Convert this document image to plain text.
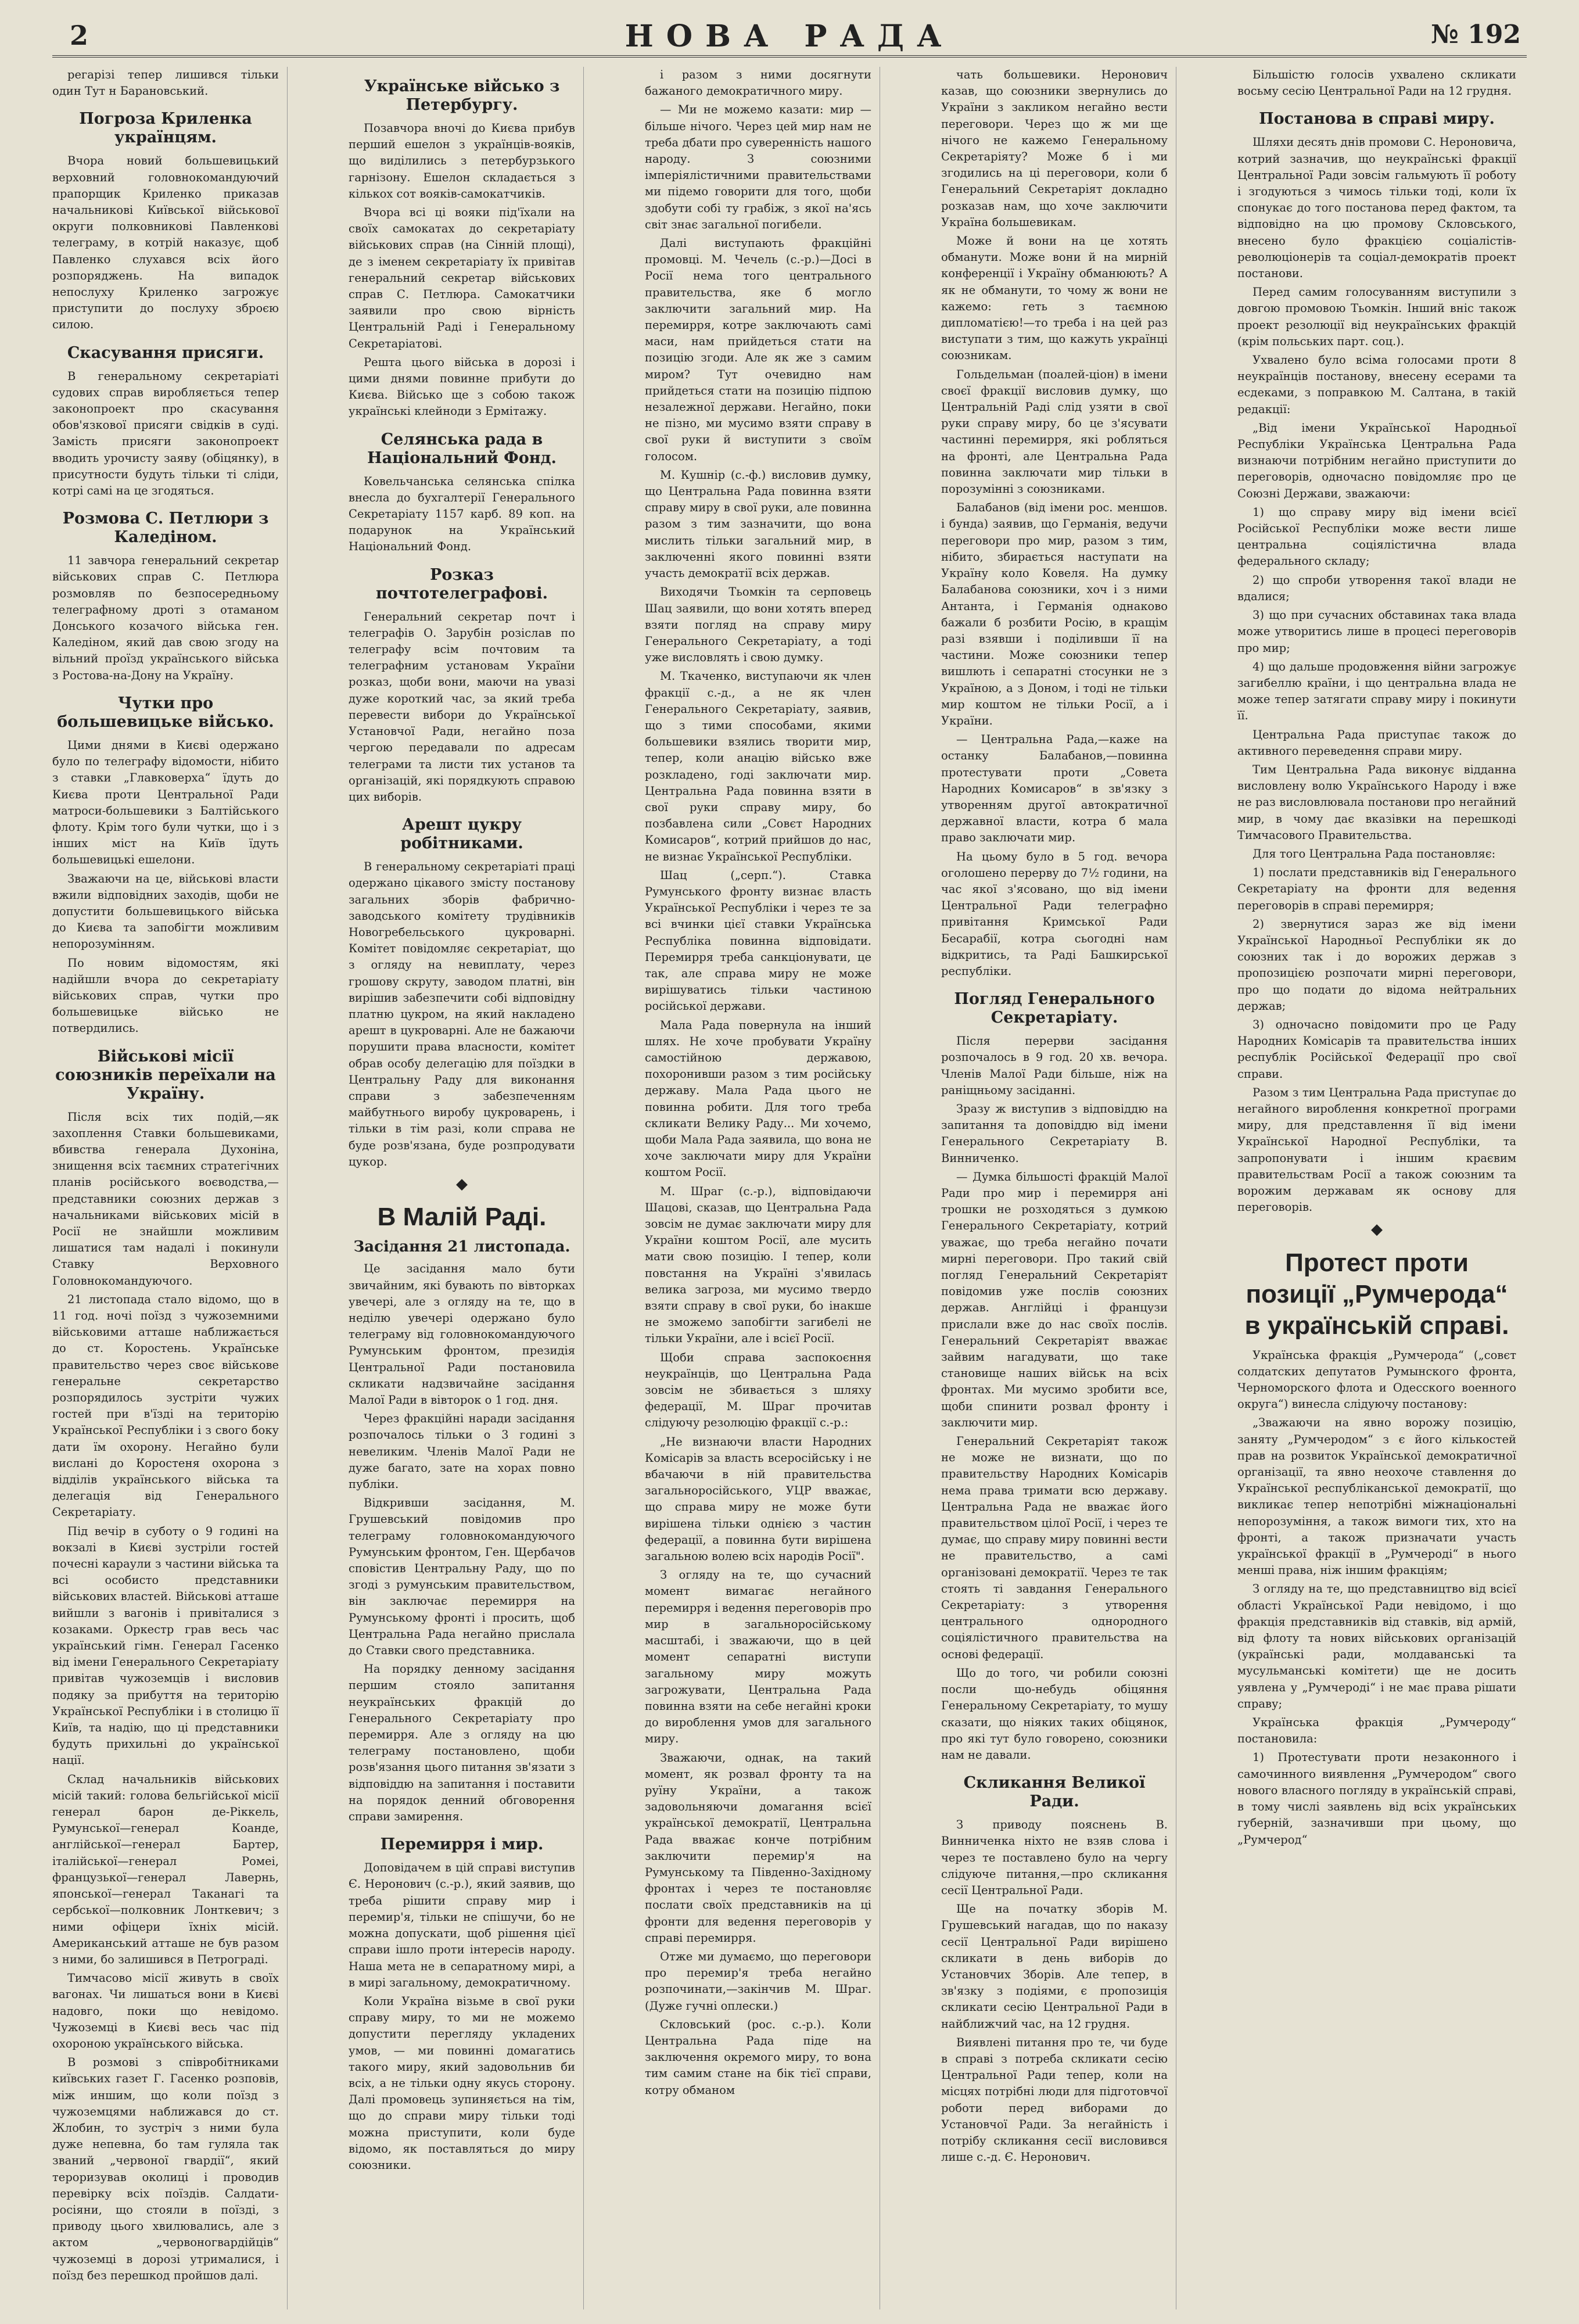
2	НОВА РАДА	№ 192

регарізі тепер лишився тільки один Тут н Барановський.

Погроза Криленка українцям.

Вчора новий большевицький верховний головнокомандуючий прапорщик Криленко приказав начальникові Київської військової округи полковникові Павленкові телеграму, в котрій наказує, щоб Павленко слухався всіх його розпоряджень. На випадок непослуху Криленко загрожує приступити до послуху зброєю силою.

Скасування присяги.

В генеральному секретаріаті судових справ виробляється тепер законопроект про скасування обов'язкової присяги свідків в суді. Замість присяги законопроект вводить урочисту заяву (обіцянку), в присутности будуть тільки ті сліди, котрі самі на це згодяться.

Розмова С. Петлюри з Каледіном.

11 завчора генеральний секретар військових справ С. Петлюра розмовляв по безпосередньому телеграфному дроті з отаманом Донського козачого війська ген. Каледіном, який дав свою згоду на вільний проїзд українського війська з Ростова-на-Дону на Україну.

Чутки про большевицьке військо.

Цими днями в Києві одержано було по телеграфу відомости, нібито з ставки „Главковерха“ їдуть до Києва проти Центральної Ради матроси-большевики з Балтійського флоту. Крім того були чутки, що і з інших міст на Київ їдуть большевицькі ешелони.

Зважаючи на це, військові власти вжили відповідних заходів, щоби не допустити большевицького війська до Києва та запобігти можливим непорозумінням.

По новим відомостям, які надійшли вчора до секретаріату військових справ, чутки про большевицьке військо не потвердились.

Військові місії союзників переїхали на Україну.

Після всіх тих подій,—як захоплення Ставки большевиками, вбивства генерала Духоніна, знищення всіх таємних стратегічних планів російського воєводства,—представники союзних держав з начальниками військових місій в Росії не знайшли можливим лишатися там надалі і покинули Ставку Верховного Головнокомандуючого.

21 листопада стало відомо, що в 11 год. ночі поїзд з чужоземними військовими атташе наближається до ст. Коростень. Українське правительство через своє військове генеральне секретарство розпорядилось зустріти чужих гостей при в'їзді на територію Української Республіки і з свого боку дати їм охорону. Негайно були вислані до Коростеня охорона з відділів українського війська та делегація від Генерального Секретаріату.

Під вечір в суботу о 9 годині на вокзалі в Києві зустріли гостей почесні караули з частини війська та всі особисто представники військових властей. Військові атташе вийшли з вагонів і привіталися з козаками. Оркестр грав весь час український гімн. Генерал Гасенко від імени Генерального Секретаріату привітав чужоземців і висловив подяку за прибуття на територію Української Республіки і в столицю її Київ, та надію, що ці представники будуть прихильні до української нації.

Склад начальників військових місій такий: голова бельгійської місії генерал барон де-Ріккель, Румунської—генерал Коанде, англійської—генерал Бартер, італійської—генерал Ромеі, французької—генерал Лавернь, японської—генерал Таканагі та сербської—полковник Лонткевич; з ними офіцери їхніх місій. Американський атташе не був разом з ними, бо залишився в Петрограді.

Тимчасово місії живуть в своїх вагонах. Чи лишаться вони в Києві надовго, поки що невідомо. Чужоземці в Києві весь час під охороною українського війська.

В розмові з співробітниками київських газет Г. Гасенко розповів, між иншим, що коли поїзд з чужоземцями наближався до ст. Жлобин, то зустріч з ними була дуже непевна, бо там гуляла так званий „червоної гвардії“, який тероризував околиці і проводив перевірку всіх поїздів. Салдати-росіяни, що стояли в поїзді, з приводу цього хвилювались, але з актом „червоногвардійців“ чужоземці в дорозі утрималися, і поїзд без перешкод пройшов далі.

Українське військо з Петербургу.

Позавчора вночі до Києва прибув перший ешелон з українців-вояків, що виділились з петербурзького гарнізону. Ешелон складається з кількох сот вояків-самокатчиків.

Вчора всі ці вояки під'їхали на своїх самокатах до секретаріату військових справ (на Сінній площі), де з іменем секретаріату їх привітав генеральний секретар військових справ С. Петлюра. Самокатчики заявили про свою вірність Центральній Раді і Генеральному Секретаріатові.

Решта цього війська в дорозі і цими днями повинне прибути до Києва. Військо ще з собою також українські клейноди з Ермітажу.

Селянська рада в Національний Фонд.

Ковельчанська селянська спілка внесла до бухгалтерії Генерального Секретаріату 1157 карб. 89 коп. на подарунок на Український Національний Фонд.

Розказ почтотелеграфові.

Генеральний секретар почт і телеграфів О. Зарубін розіслав по телеграфу всім почтовим та телеграфним установам України розказ, щоби вони, маючи на увазі дуже короткий час, за який треба перевести вибори до Української Установчої Ради, негайно поза чергою передавали по адресам телеграми та листи тих установ та організацій, які порядкують справою цих виборів.

Арешт цукру робітниками.

В генеральному секретаріаті праці одержано цікавого змісту постанову загальних зборів фабрично-заводського комітету трудівників Новогребельського цукроварні. Комітет повідомляє секретаріат, що з огляду на невиплату, через грошову скруту, заводом платні, він вирішив забезпечити собі відповідну платню цукром, на який накладено арешт в цукроварні. Але не бажаючи порушити права власности, комітет обрав особу делегацію для поїздки в Центральну Раду для виконання справи з забезпеченням майбутнього виробу цукроварень, і тільки в тім разі, коли справа не буде розв'язана, буде розпродувати цукор.

◆
В Малій Раді.
Засідання 21 листопада.

Це засідання мало бути звичайним, які бувають по вівторках увечері, але з огляду на те, що в неділю увечері одержано було телеграму від головнокомандуючого Румунським фронтом, президія Центральної Ради постановила скликати надзвичайне засідання Малої Ради в вівторок о 1 год. дня.

Через фракційні наради засідання розпочалось тільки о 3 годині з невеликим. Членів Малої Ради не дуже багато, зате на хорах повно публіки.

Відкривши засідання, М. Грушевський повідомив про телеграму головнокомандуючого Румунським фронтом, Ген. Щербачов сповістив Центральну Раду, що по згоді з румунським правительством, він заключає перемирря на Румунському фронті і просить, щоб Центральна Рада негайно прислала до Ставки свого представника.

На порядку денному засідання першим стояло запитання неукраїнських фракцій до Генерального Секретаріату про перемирря. Але з огляду на цю телеграму постановлено, щоби розв'язання цього питання зв'язати з відповіддю на запитання і поставити на порядок денний обговорення справи замирення.

Перемирря і мир.

Доповідачем в цій справі виступив Є. Неронович (с.-р.), який заявив, що треба рішити справу мир і перемир'я, тільки не спішучи, бо не можна допускати, щоб рішення цієї справи ішло проти інтересів народу. Наша мета не в сепаратному мирі, а в мирі загальному, демократичному.

Коли Україна візьме в свої руки справу миру, то ми не можемо допустити перегляду укладених умов, — ми повинні домагатись такого миру, який задовольнив би всіх, а не тільки одну якусь сторону. Далі промовець зупиняється на тім, що до справи миру тільки тоді можна приступити, коли буде відомо, як поставляться до миру союзники.

і разом з ними досягнути бажаного демократичного миру.

— Ми не можемо казати: мир — більше нічого. Через цей мир нам не треба дбати про суверенність нашого народу. З союзними імперіялістичними правительствами ми підемо говорити для того, щоби здобути собі ту грабіж, з якої на'ясь світ знає загальної погибели.

Далі виступають фракційні промовці. М. Чечель (с.-р.)—Досі в Росії нема того центрального правительства, яке б могло заключити загальний мир. На перемирря, котре заключають самі маси, нам прийдеться стати на позицію згоди. Але як же з самим миром? Тут очевидно нам прийдеться стати на позицію підпою незалежної держави. Негайно, поки не пізно, ми мусимо взяти справу в свої руки й виступити з своїм голосом.

М. Кушнір (с.-ф.) висловив думку, що Центральна Рада повинна взяти справу миру в свої руки, але повинна разом з тим зазначити, що вона мислить тільки загальний мир, в заключенні якого повинні взяти участь демократії всіх держав.

Виходячи Тьомкін та серповець Шац заявили, що вони хотять вперед взяти погляд на справу миру Генерального Секретаріату, а тоді уже висловлять і свою думку.

М. Ткаченко, виступаючи як член фракції с.-д., а не як член Генерального Секретаріату, заявив, що з тими способами, якими большевики взялись творити мир, тепер, коли анацію військо вже розкладено, годі заключати мир. Центральна Рада повинна взяти в свої руки справу миру, бо позбавлена сили „Совєт Народних Комисаров“, котрий прийшов до нас, не визнає Української Республіки.

Шац („серп.“). Ставка Румунського фронту визнає власть Української Республіки і через те за всі вчинки цієї ставки Українська Республіка повинна відповідати. Перемирря треба санкціонувати, це так, але справа миру не може вирішуватись тільки частиною російської держави.

Мала Рада повернула на інший шлях. Не хоче пробувати Україну самостійною державою, похоронивши разом з тим російську державу. Мала Рада цього не повинна робити. Для того треба скликати Велику Раду... Ми хочемо, щоби Мала Рада заявила, що вона не хоче заключати миру для України коштом Росії.

М. Шраг (с.-р.), відповідаючи Шацові, сказав, що Центральна Рада зовсім не думає заключати миру для України коштом Росії, але мусить мати свою позицію. І тепер, коли повстання на Україні з'явилась велика загроза, ми мусимо твердо взяти справу в свої руки, бо інакше не зможемо запобігти загибелі не тільки України, але і всієї Росії.

Щоби справа заспокоєння неукраїнців, що Центральна Рада зовсім не збивається з шляху федерації, М. Шраг прочитав слідуючу резолюцію фракції с.-р.:

„Не визнаючи власти Народних Комісарів за власть всеросійську і не вбачаючи в ній правительства загальноросійського, УЦР вважає, що справа миру не може бути вирішена тільки однією з частин федерації, а повинна бути вирішена загальною волею всіх народів Росії".

З огляду на те, що сучасний момент вимагає негайного перемирря і ведення переговорів про мир в загальноросійському масштабі, і зважаючи, що в цей момент сепаратні виступи загальному миру можуть загрожувати, Центральна Рада повинна взяти на себе негайні кроки до вироблення умов для загального миру.

Зважаючи, однак, на такий момент, як розвал фронту та на руїну України, а також задовольняючи домагання всієї української демократії, Центральна Рада вважає конче потрібним заключити перемир'я на Румунському та Південно-Західному фронтах і через те постановляє послати своїх представників на ці фронти для ведення переговорів у справі перемирря.

Отже ми думаємо, що переговори про перемир'я треба негайно розпочинати,—закінчив М. Шраг. (Дуже гучні оплески.)

Скловський (рос. с.-р.). Коли Центральна Рада піде на заключення окремого миру, то вона тим самим стане на бік тієї справи, котру обманом

чать большевики. Неронович казав, що союзники звернулись до України з закликом негайно вести переговори. Через що ж ми ще нічого не кажемо Генеральному Секретаріяту? Може б і ми згодились на ці переговори, коли б Генеральний Секретаріят докладно розказав нам, що хоче заключити Україна большевикам.

Може й вони на це хотять обманути. Може вони й на мирній конференції і Україну обманюють? А як не обманути, то чому ж вони не кажемо: геть з таємною дипломатією!—то треба і на цей раз виступати з тим, що кажуть українці союзникам.

Гольдельман (поалей-ціон) в імени своєї фракції висловив думку, що Центральній Раді слід узяти в свої руки справу миру, бо це з'ясувати частинні перемирря, які робляться на фронті, але Центральна Рада повинна заключати мир тільки в порозумінні з союзниками.

Балабанов (від імени рос. меншов. і бунда) заявив, що Германія, ведучи переговори про мир, разом з тим, нібито, збирається наступати на Україну коло Ковеля. На думку Балабанова союзники, хоч і з ними Антанта, і Германія однаково бажали б розбити Росію, в кращім разі взявши і поділивши її на частини. Може союзники тепер вишлють і сепаратні стосунки не з Україною, а з Доном, і тоді не тільки мир коштом не тільки Росії, а і України.

— Центральна Рада,—каже на останку Балабанов,—повинна протестувати проти „Совета Народних Комисаров“ в зв'язку з утворенням другої автократичної державної власти, котра б мала право заключати мир.

На цьому було в 5 год. вечора оголошено перерву до 7½ години, на час якої з'ясовано, що від імени Центральної Ради телеграфно привітання Кримської Ради Бесарабії, котра сьогодні нам відкритись, та Раді Башкирської республіки.

Погляд Генерального Секретаріату.

Після перерви засідання розпочалось в 9 год. 20 хв. вечора. Членів Малої Ради більше, ніж на раніщньому засіданні.

Зразу ж виступив з відповіддю на запитання та доповіддю від імени Генерального Секретаріату В. Винниченко.

— Думка більшості фракцій Малої Ради про мир і перемирря ані трошки не розходяться з думкою Генерального Секретаріату, котрий уважає, що треба негайно почати мирні переговори. Про такий свій погляд Генеральний Секретаріят повідомив уже послів союзних держав. Англійці і французи прислали вже до нас своїх послів. Генеральний Секретаріят вважає зайвим нагадувати, що таке становище наших військ на всіх фронтах. Ми мусимо зробити все, щоби спинити розвал фронту і заключити мир.

Генеральний Секретаріят також не може не визнати, що по правительству Народних Комісарів нема права тримати всю державу. Центральна Рада не вважає його правительством цілої Росії, і через те думає, що справу миру повинні вести не правительство, а самі організовані демократії. Через те так стоять ті завдання Генерального Секретаріату: з утворення центрального однородного соціялістичного правительства на основі федерації.

Що до того, чи робили союзні посли що-небудь обіцяння Генеральному Секретаріату, то мушу сказати, що ніяких таких обіцянок, про які тут було говорено, союзники нам не давали.

Скликання Великої Ради.

З приводу пояснень В. Винниченка ніхто не взяв слова і через те поставлено було на чергу слідуюче питання,—про скликання сесії Центральної Ради.

Ще на початку зборів М. Грушевський нагадав, що по наказу сесії Центральної Ради вирішено скликати в день виборів до Установчих Зборів. Але тепер, в зв'язку з подіями, є пропозиція скликати сесію Центральної Ради в найближчий час, на 12 грудня.

Виявлені питання про те, чи буде в справі з потреба скликати сесію Центральної Ради тепер, коли на місцях потрібні люди для підготовчої роботи перед виборами до Установчої Ради. За негайність і потрібу скликання сесії висловився лише с.-д. Є. Неронович.

Більшістю голосів ухвалено скликати восьму сесію Центральної Ради на 12 грудня.

Постанова в справі миру.

Шляхи десять днів промови С. Нероновича, котрий зазначив, що неукраїнські фракції Центральної Ради зовсім гальмують її роботу і згодуються з чимось тільки тоді, коли їх спонукає до того постанова перед фактом, та відповідно на цю промову Скловського, внесено було фракцією соціалістів-революціонерів та соціал-демократів проект постанови.

Перед самим голосуванням виступили з довгою промовою Тьомкін. Інший вніс також проект резолюції від неукраїнських фракцій (крім польських парт. соц.).

Ухвалено було всіма голосами проти 8 неукраїнців постанову, внесену есерами та есдеками, з поправкою М. Салтана, в такій редакції:

„Від імени Української Народньої Республіки Українська Центральна Рада визнаючи потрібним негайно приступити до переговорів, одночасно повідомляє про це Союзні Держави, зважаючи:

1) що справу миру від імени всієї Російської Республіки може вести лише центральна соціялістична влада федерального складу;

2) що спроби утворення такої влади не вдалися;

3) що при сучасних обставинах така влада може утворитись лише в процесі переговорів про мир;

4) що дальше продовження війни загрожує загибеллю країни, і що центральна влада не може тепер затягати справу миру і покинути її.

Центральна Рада приступає також до активного переведення справи миру.

Тим Центральна Рада виконує відданна висловлену волю Українського Народу і вже не раз висловлювала постанови про негайний мир, в чому дає вказівки на перешкоді Тимчасового Правительства.

Для того Центральна Рада постановляє:

1) послати представників від Генерального Секретаріату на фронти для ведення переговорів в справі перемирря;

2) звернутися зараз же від імени Української Народньої Республіки як до союзних так і до ворожих держав з пропозицією розпочати мирні переговори, про що подати до відома нейтральних держав;

3) одночасно повідомити про це Раду Народних Комісарів та правительства інших республік Російської Федерації про свої справи.

Разом з тим Центральна Рада приступає до негайного вироблення конкретної програми миру, для представлення її від імени Української Народної Республіки, та запропонувати і іншим краєвим правительствам Росії а також союзним та ворожим державам як основу для переговорів.

◆
Протест проти позиції „Румчерода“ в українській справі.

Українська фракція „Румчерода“ („совєт солдатских депутатов Румынского фронта, Черноморского флота и Одесского военного округа“) винесла слідуючу постанову:

„Зважаючи на явно ворожу позицію, заняту „Румчеродом“ з є його кількостей прав на розвиток Української демократичної організації, та явно неохоче ставлення до Української республіканської демократії, що викликає тепер непотрібні міжнаціональні непорозуміння, а також вимоги тих, хто на фронті, а також призначати участь української фракції в „Румчероді“ в нього менші права, ніж іншим фракціям;

З огляду на те, що представництво від всієї області Української Ради невідомо, і що фракція представників від ставків, від армій, від флоту та нових військових організацій (українські ради, молдаванські та мусульманські комітети) ще не досить уявлена у „Румчероді“ і не має права рішати справу;

Українська фракція „Румчероду“ постановила:

1) Протестувати проти незаконного і самочинного виявлення „Румчеродом“ свого нового власного погляду в українській справі, в тому числі заявлень від всіх українських губерній, зазначивши при цьому, що „Румчерод“
